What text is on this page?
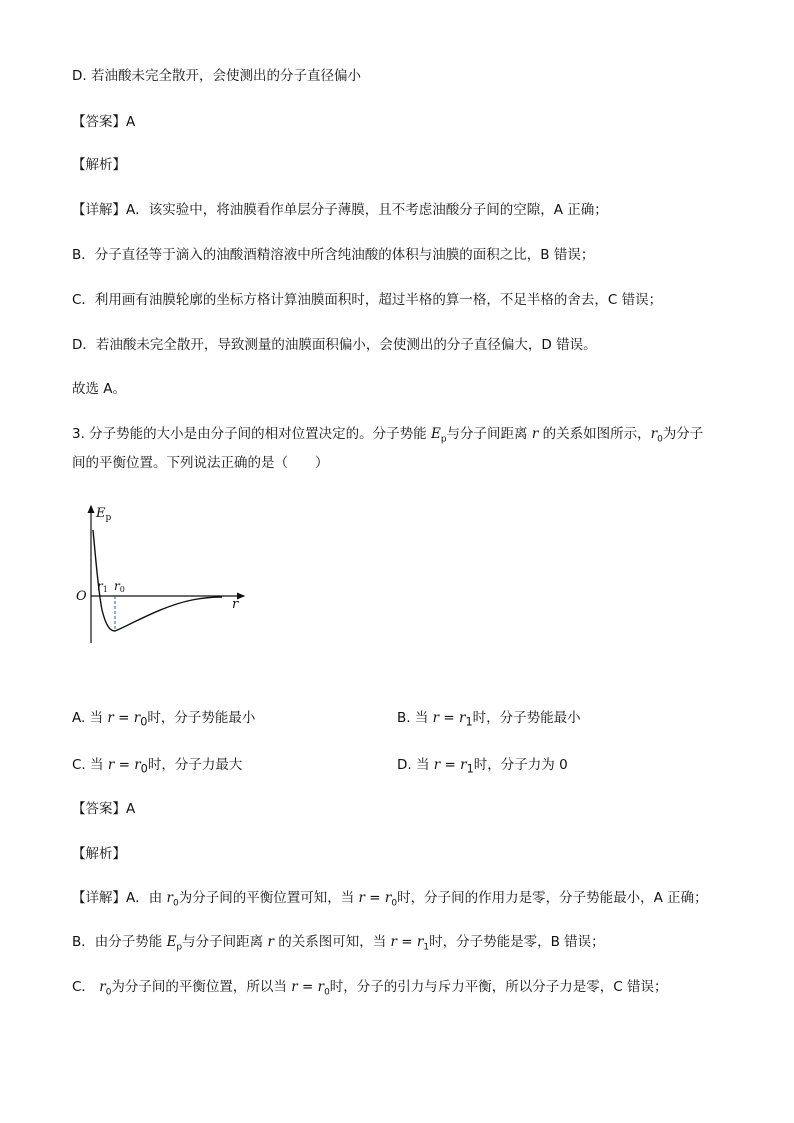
D. 若油酸未完全散开，会使测出的分子直径偏小
【答案】A
【解析】
【详解】A．该实验中，将油膜看作单层分子薄膜，且不考虑油酸分子间的空隙，A 正确；
B．分子直径等于滴入的油酸酒精溶液中所含纯油酸的体积与油膜的面积之比，B 错误；
C．利用画有油膜轮廓的坐标方格计算油膜面积时，超过半格的算一格，不足半格的舍去，C 错误；
D．若油酸未完全散开，导致测量的油膜面积偏小，会使测出的分子直径偏大，D 错误。
故选 A。
3. 分子势能的大小是由分子间的相对位置决定的。分子势能 $E_p$与分子间距离 r 的关系如图所示，$r_0$为分子
间的平衡位置。下列说法正确的是（　　）
$E_p$
O
r
r1 r0
A. 当 $r = r_0$时，分子势能最小	B. 当 $r = r_1$时，分子势能最小
C. 当 $r = r_0$时，分子力最大	D. 当 $r = r_1$时，分子力为 0
【答案】A
【解析】
【详解】A．由 $r_0$为分子间的平衡位置可知，当 $r = r_0$时，分子间的作用力是零，分子势能最小，A 正确；
B．由分子势能 $E_p$与分子间距离 r 的关系图可知，当 $r = r_1$时，分子势能是零，B 错误；
C． $r_0$为分子间的平衡位置，所以当 $r = r_0$时，分子的引力与斥力平衡，所以分子力是零，C 错误；
